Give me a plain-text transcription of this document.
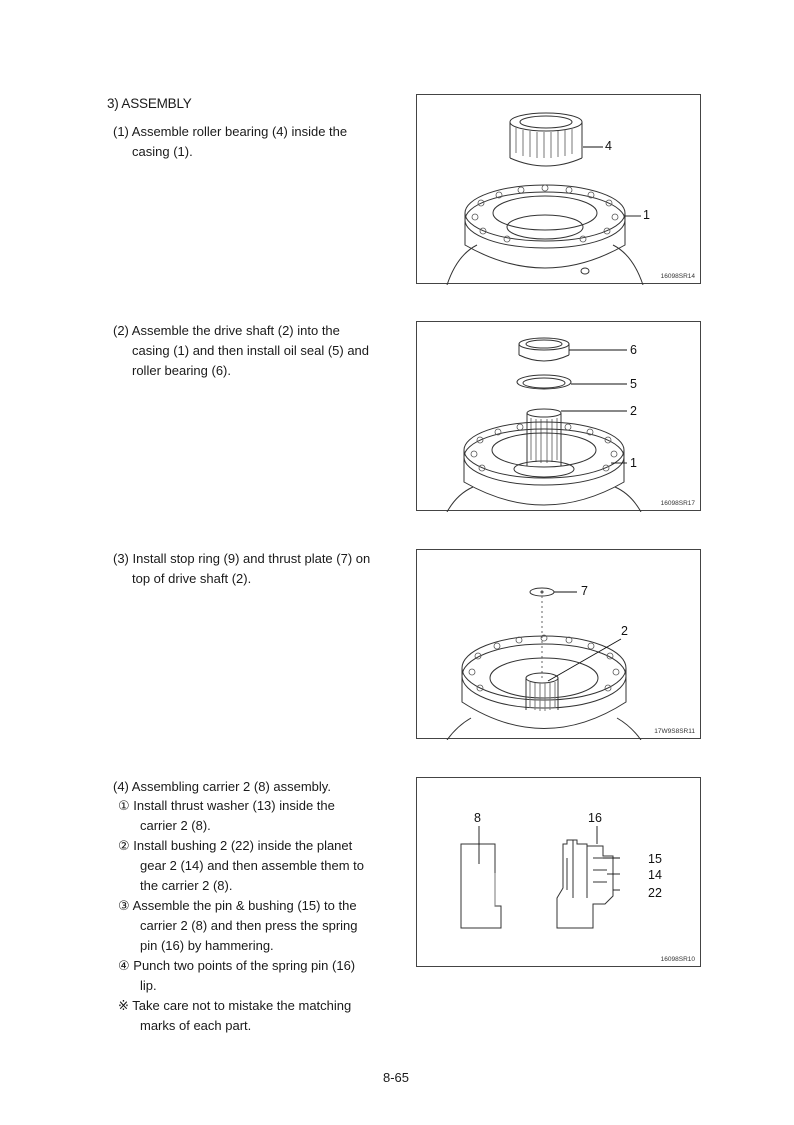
3) ASSEMBLY
(1) Assemble roller bearing (4) inside the
casing (1).
(2) Assemble the drive shaft (2) into the
casing (1) and then install oil seal (5) and
roller bearing (6).
(3) Install stop ring (9) and thrust plate (7) on
top of drive shaft (2).
(4) Assembling carrier 2 (8) assembly.
① Install thrust washer (13) inside the
carrier 2 (8).
② Install bushing 2 (22) inside the planet
gear 2 (14) and then assemble them to
the carrier 2 (8).
③ Assemble the pin & bushing (15) to the
carrier 2 (8) and then press the spring
pin (16) by hammering.
④ Punch two points of the spring pin (16)
lip.
※ Take care not to mistake the matching
marks of each part.
4
1
16098SR14
6
5
2
1
16098SR17
7
2
17W9S8SR11
8	16
15
14
22
16098SR10
8-65
